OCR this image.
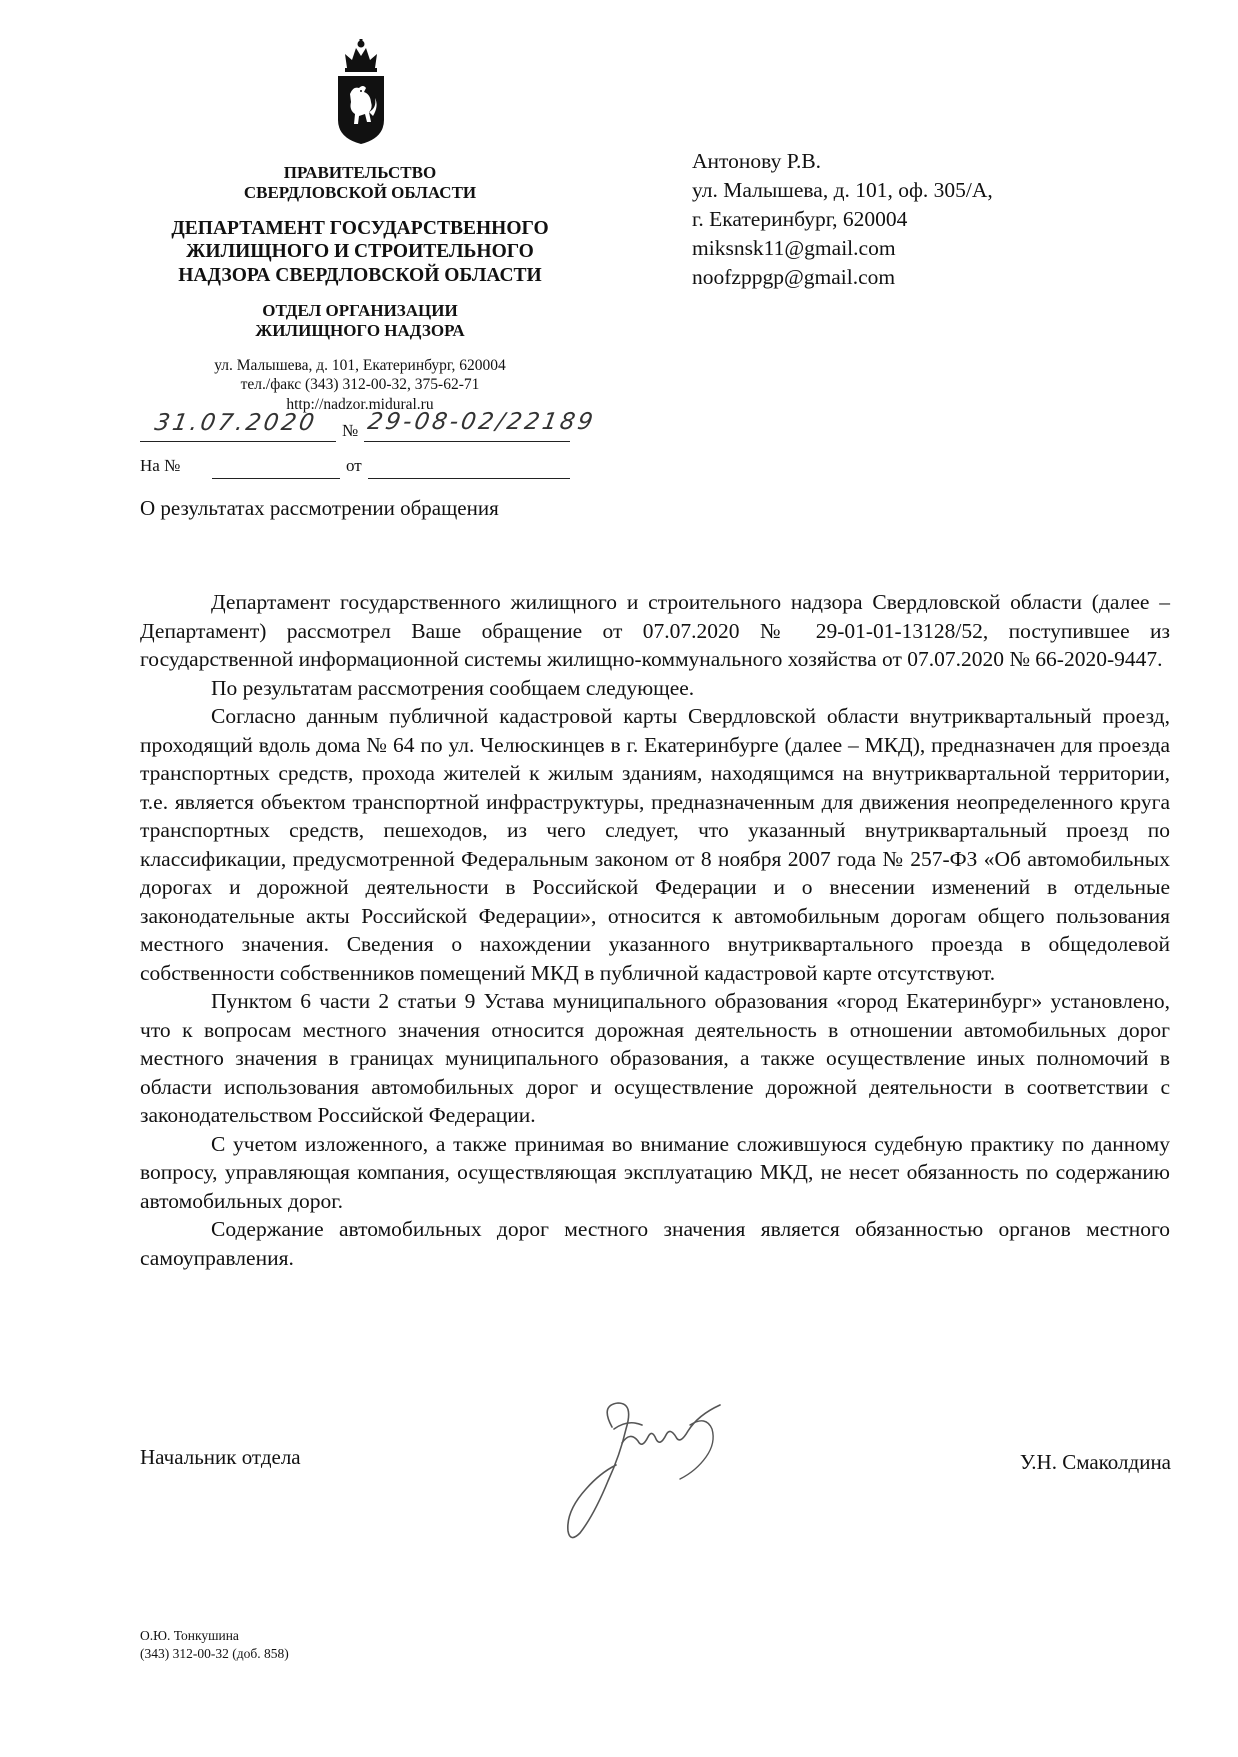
ПРАВИТЕЛЬСТВО
СВЕРДЛОВСКОЙ ОБЛАСТИ
ДЕПАРТАМЕНТ ГОСУДАРСТВЕННОГО
ЖИЛИЩНОГО И СТРОИТЕЛЬНОГО
НАДЗОРА СВЕРДЛОВСКОЙ ОБЛАСТИ
ОТДЕЛ ОРГАНИЗАЦИИ
ЖИЛИЩНОГО НАДЗОРА
ул. Малышева, д. 101, Екатеринбург, 620004
тел./факс (343) 312-00-32, 375-62-71
http://nadzor.midural.ru
31.07.2020 № 29-08-02/22189
На №	от
О результатах рассмотрении обращения
Антонову Р.В.
ул. Малышева, д. 101, оф. 305/А,
г. Екатеринбург, 620004
miksnsk11@gmail.com
noofzppgp@gmail.com

Департамент государственного жилищного и строительного надзора Свердловской области (далее –Департамент) рассмотрел Ваше обращение от 07.07.2020 № 29-01-01-13128/52, поступившее из государственной информационной системы жилищно-коммунального хозяйства от 07.07.2020 № 66-2020-9447.

По результатам рассмотрения сообщаем следующее.

Согласно данным публичной кадастровой карты Свердловской области внутриквартальный проезд, проходящий вдоль дома № 64 по ул. Челюскинцев в г. Екатеринбурге (далее – МКД), предназначен для проезда транспортных средств, прохода жителей к жилым зданиям, находящимся на внутриквартальной территории, т.е. является объектом транспортной инфраструктуры, предназначенным для движения неопределенного круга транспортных средств, пешеходов, из чего следует, что указанный внутриквартальный проезд по классификации, предусмотренной Федеральным законом от 8 ноября 2007 года № 257-ФЗ «Об автомобильных дорогах и дорожной деятельности в Российской Федерации и о внесении изменений в отдельные законодательные акты Российской Федерации», относится к автомобильным дорогам общего пользования местного значения. Сведения о нахождении указанного внутриквартального проезда в общедолевой собственности собственников помещений МКД в публичной кадастровой карте отсутствуют.

Пунктом 6 части 2 статьи 9 Устава муниципального образования «город Екатеринбург» установлено, что к вопросам местного значения относится дорожная деятельность в отношении автомобильных дорог местного значения в границах муниципального образования, а также осуществление иных полномочий в области использования автомобильных дорог и осуществление дорожной деятельности в соответствии с законодательством Российской Федерации.

С учетом изложенного, а также принимая во внимание сложившуюся судебную практику по данному вопросу, управляющая компания, осуществляющая эксплуатацию МКД, не несет обязанность по содержанию автомобильных дорог.

Содержание автомобильных дорог местного значения является обязанностью органов местного самоуправления.

Начальник отдела	У.Н. Смаколдина
О.Ю. Тонкушина
(343) 312-00-32 (доб. 858)
